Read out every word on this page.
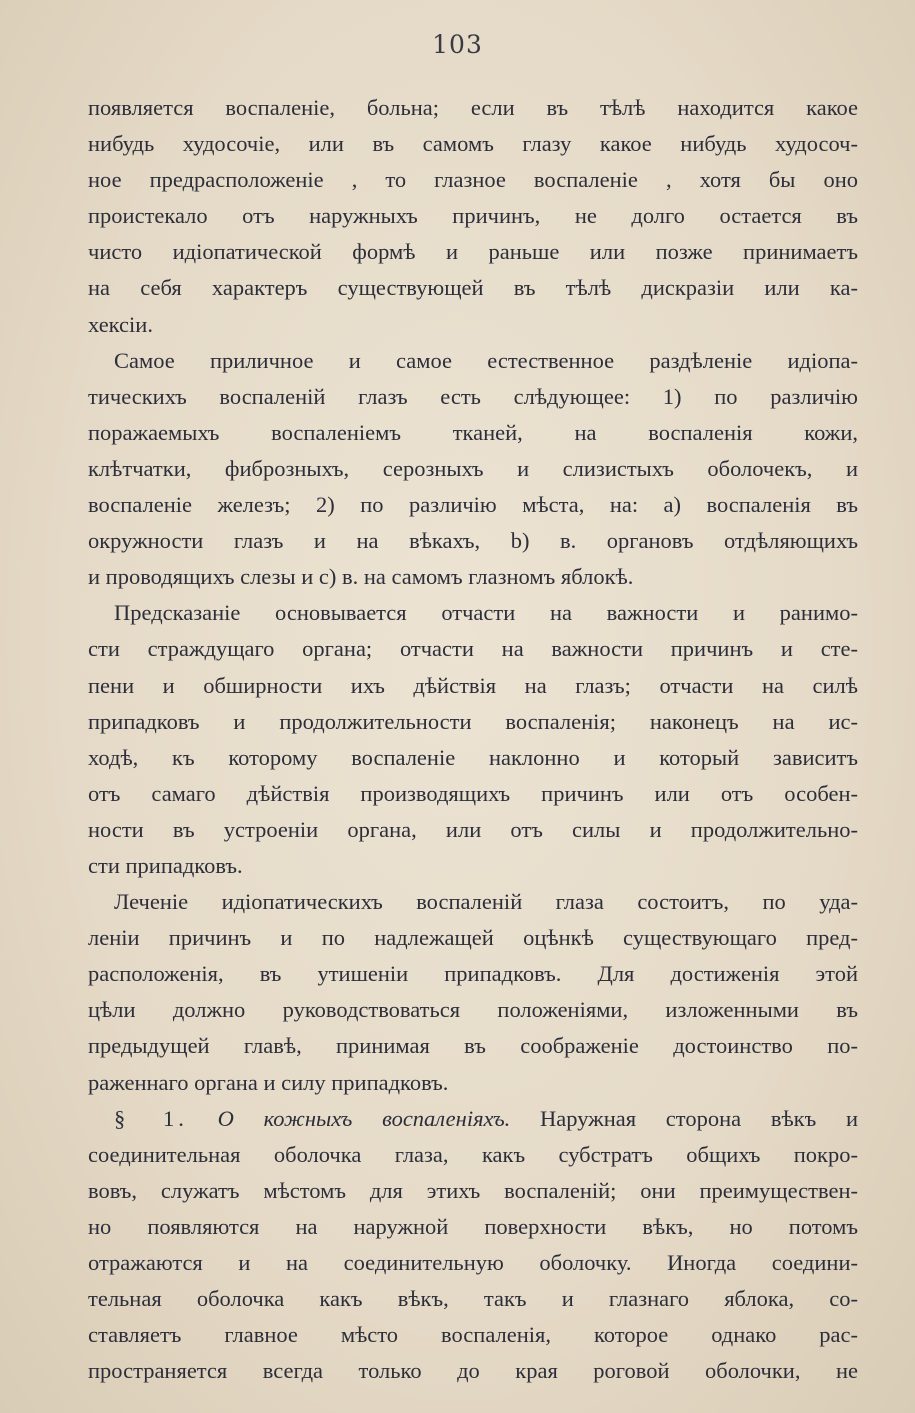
103
появляется воспаленіе, больна; если въ тѣлѣ находится какое
нибудь худосочіе, или въ самомъ глазу какое нибудь худосоч-
ное предрасположеніе , то глазное воспаленіе , хотя бы оно
проистекало отъ наружныхъ причинъ, не долго остается въ
чисто идіопатической формѣ и раньше или позже принимаетъ
на себя характеръ существующей въ тѣлѣ дискразіи или ка-
хексіи.
Самое приличное и самое естественное раздѣленіе идіопа-
тическихъ воспаленій глазъ есть слѣдующее: 1) по различію
поражаемыхъ воспаленіемъ тканей, на воспаленія кожи,
клѣтчатки, фиброзныхъ, серозныхъ и слизистыхъ оболочекъ, и
воспаленіе железъ; 2) по различію мѣста, на: a) воспаленія въ
окружности глазъ и на вѣкахъ, b) в. органовъ отдѣляющихъ
и проводящихъ слезы и c) в. на самомъ глазномъ яблокѣ.
Предсказаніе основывается отчасти на важности и ранимо-
сти страждущаго органа; отчасти на важности причинъ и сте-
пени и обширности ихъ дѣйствія на глазъ; отчасти на силѣ
припадковъ и продолжительности воспаленія; наконецъ на ис-
ходѣ, къ которому воспаленіе наклонно и который зависитъ
отъ самаго дѣйствія производящихъ причинъ или отъ особен-
ности въ устроеніи органа, или отъ силы и продолжительно-
сти припадковъ.
Леченіе идіопатическихъ воспаленій глаза состоитъ, по уда-
леніи причинъ и по надлежащей оцѣнкѣ существующаго пред-
расположенія, въ утишеніи припадковъ. Для достиженія этой
цѣли должно руководствоваться положеніями, изложенными въ
предыдущей главѣ, принимая въ соображеніе достоинство по-
раженнаго органа и силу припадковъ.
§ 1. О кожныхъ воспаленіяхъ. Наружная сторона вѣкъ и
соединительная оболочка глаза, какъ субстратъ общихъ покро-
вовъ, служатъ мѣстомъ для этихъ воспаленій; они преимуществен-
но появляются на наружной поверхности вѣкъ, но потомъ
отражаются и на соединительную оболочку. Иногда соедини-
тельная оболочка какъ вѣкъ, такъ и глазнаго яблока, со-
ставляетъ главное мѣсто воспаленія, которое однако рас-
пространяется всегда только до края роговой оболочки, не
